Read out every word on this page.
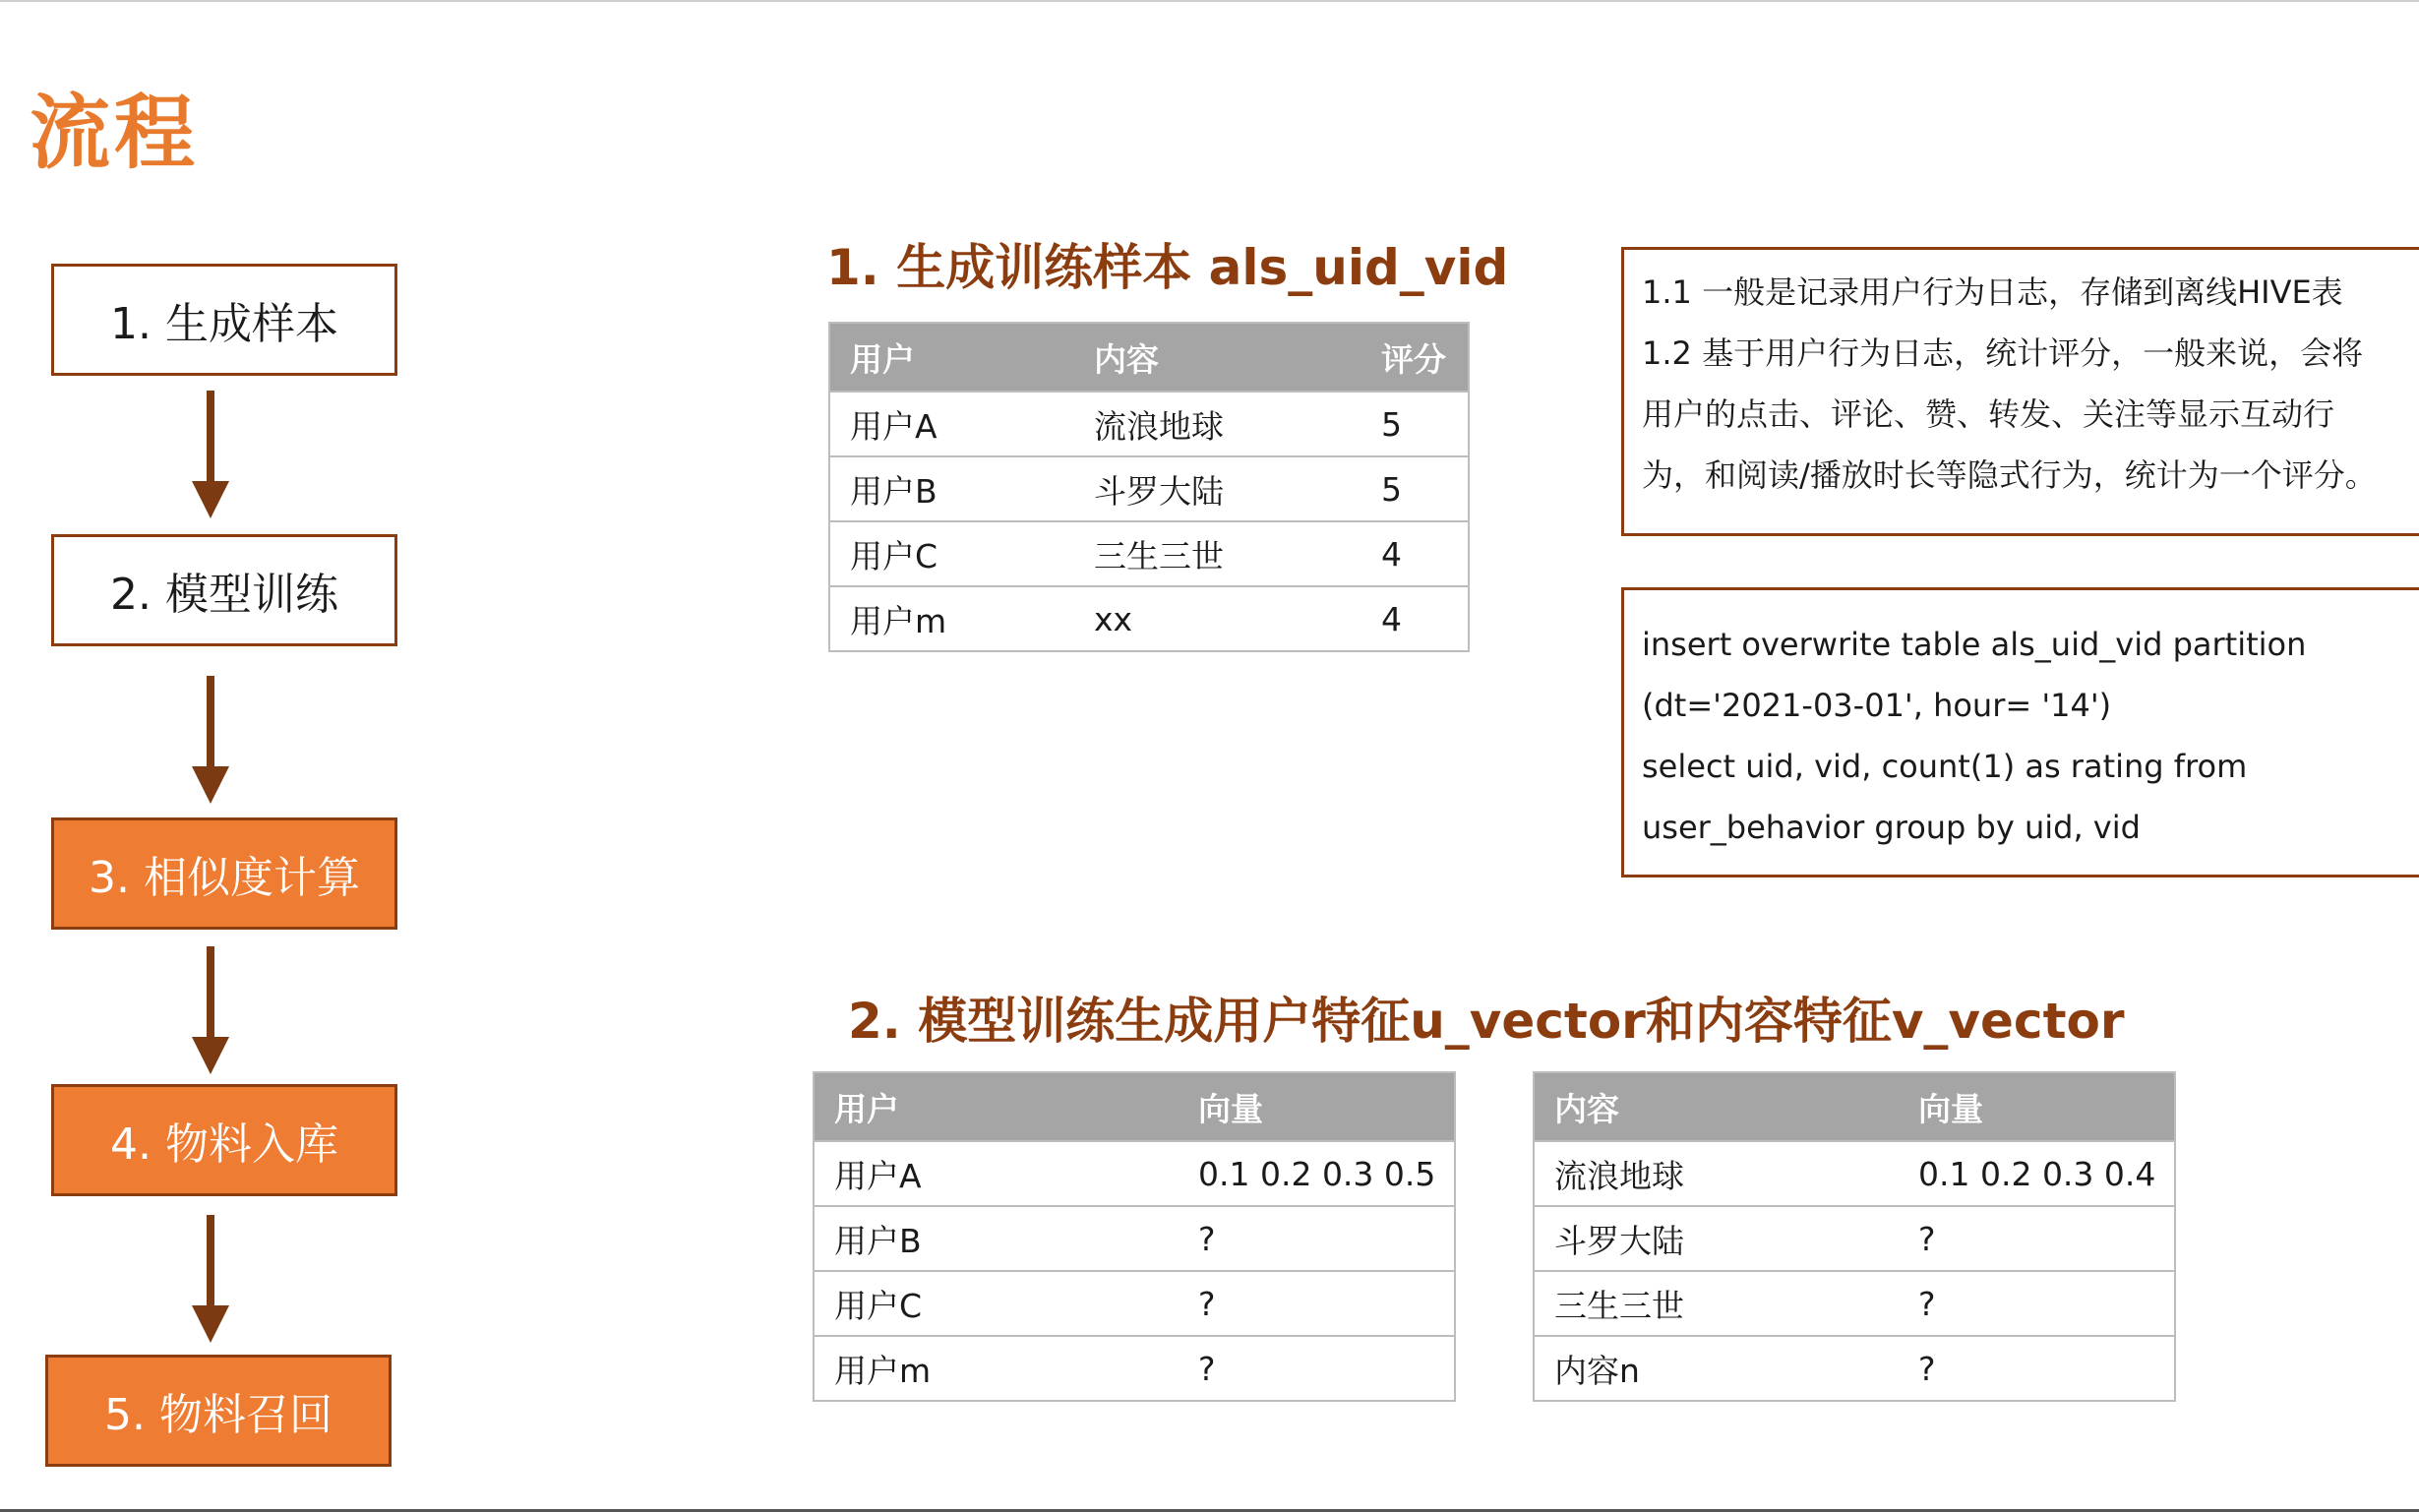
流程
1. 生成样本
2. 模型训练
3. 相似度计算
4. 物料入库
5. 物料召回
1. 生成训练样本 als_uid_vid
用户	内容	评分
用户A	流浪地球	5
用户B	斗罗大陆	5
用户C	三生三世	4
用户m	xx	4
1.1 一般是记录用户行为日志，存储到离线HIVE表
1.2 基于用户行为日志，统计评分，一般来说，会将
用户的点击、评论、赞、转发、关注等显示互动行
为，和阅读/播放时长等隐式行为，统计为一个评分。
insert overwrite table als_uid_vid partition
(dt='2021-03-01', hour= '14')
select uid, vid, count(1) as rating from
user_behavior group by uid, vid
2. 模型训练生成用户特征u_vector和内容特征v_vector
用户	向量
用户A	0.1 0.2 0.3 0.5
用户B	?
用户C	?
用户m	?
内容	向量
流浪地球	0.1 0.2 0.3 0.4
斗罗大陆	?
三生三世	?
内容n	?
